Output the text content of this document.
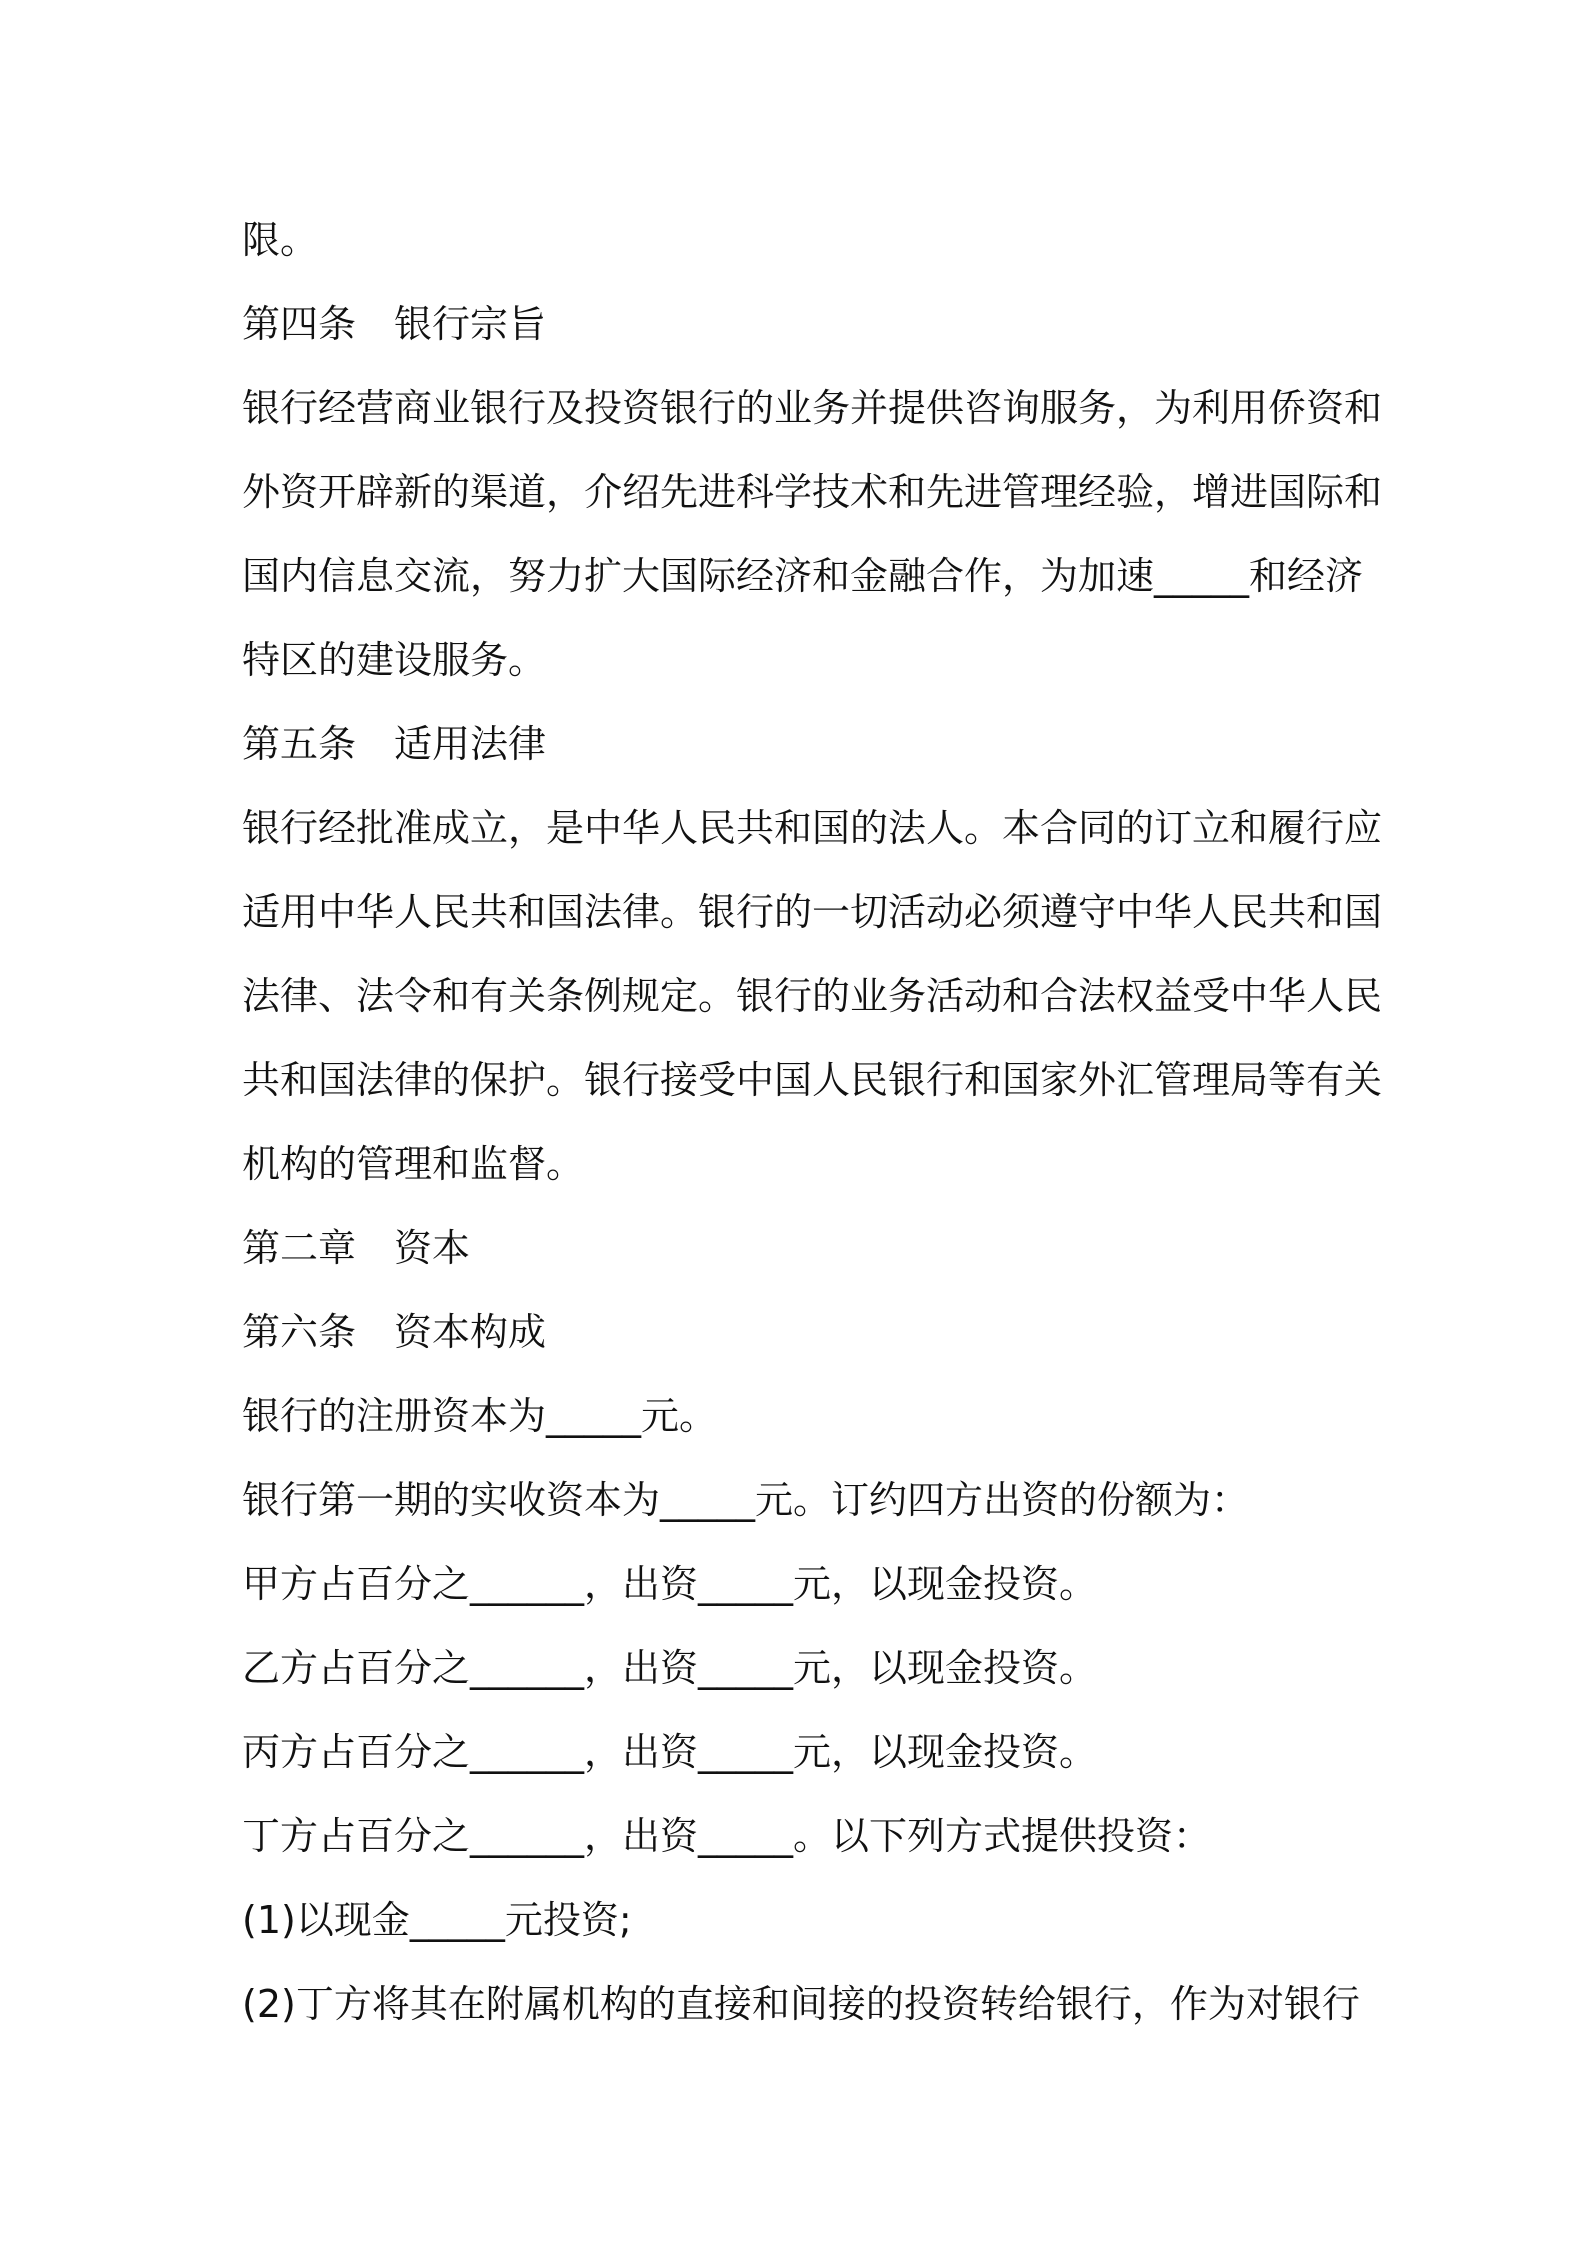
限。
第四条　银行宗旨
银行经营商业银行及投资银行的业务并提供咨询服务，为利用侨资和
外资开辟新的渠道，介绍先进科学技术和先进管理经验，增进国际和
国内信息交流，努力扩大国际经济和金融合作，为加速_____和经济
特区的建设服务。
第五条　适用法律
银行经批准成立，是中华人民共和国的法人。本合同的订立和履行应
适用中华人民共和国法律。银行的一切活动必须遵守中华人民共和国
法律、法令和有关条例规定。银行的业务活动和合法权益受中华人民
共和国法律的保护。银行接受中国人民银行和国家外汇管理局等有关
机构的管理和监督。
第二章　资本
第六条　资本构成
银行的注册资本为_____元。
银行第一期的实收资本为_____元。订约四方出资的份额为：
甲方占百分之______，出资_____元，以现金投资。
乙方占百分之______，出资_____元，以现金投资。
丙方占百分之______，出资_____元，以现金投资。
丁方占百分之______，出资_____。以下列方式提供投资：
(1)以现金_____元投资;
(2)丁方将其在附属机构的直接和间接的投资转给银行，作为对银行
